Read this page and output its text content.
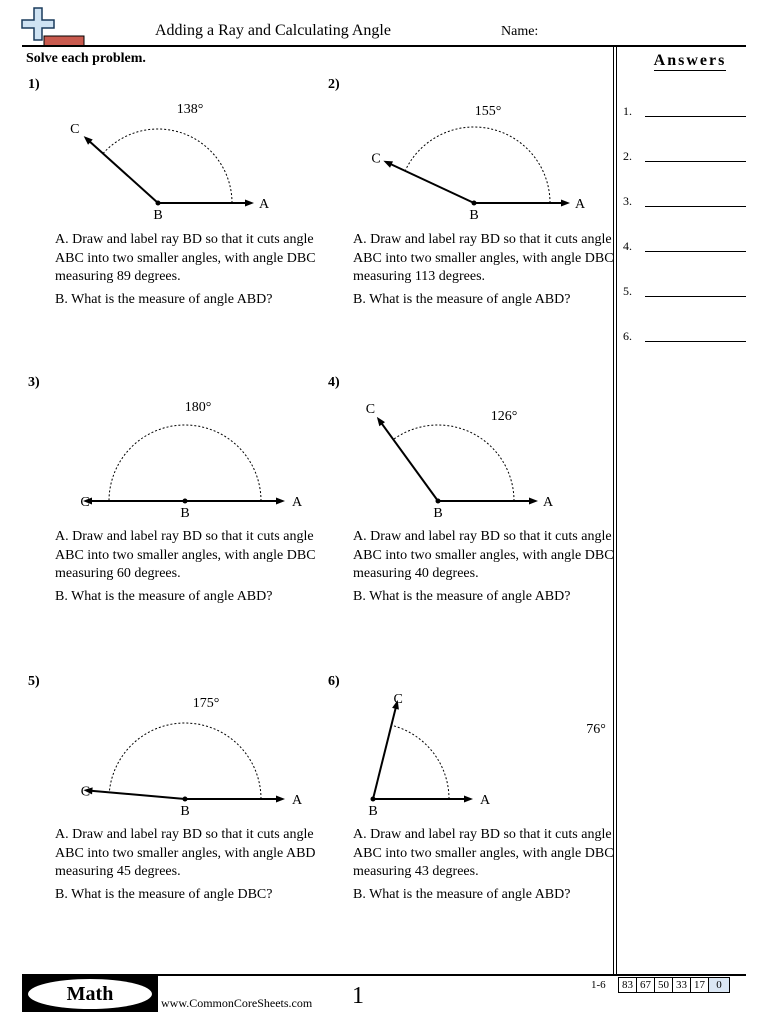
Adding a Ray and Calculating Angle	Name:
Solve each problem.	Answers
1.
2.
3.
4.
5.
6.
1)	2)
3)	4)
5)	6)
B
A
C
138°
B
A
C
155°
B
A
C
180°
B
A
C	126°
B
A
C
175°
B
A
C
76°

A. Draw and label ray BD so that it cuts angle ABC into two smaller angles, with angle DBC measuring 89 degrees.

B. What is the measure of angle ABD?

A. Draw and label ray BD so that it cuts angle ABC into two smaller angles, with angle DBC measuring 113 degrees.

B. What is the measure of angle ABD?

A. Draw and label ray BD so that it cuts angle ABC into two smaller angles, with angle DBC measuring 60 degrees.

B. What is the measure of angle ABD?

A. Draw and label ray BD so that it cuts angle ABC into two smaller angles, with angle DBC measuring 40 degrees.

B. What is the measure of angle ABD?

A. Draw and label ray BD so that it cuts angle ABC into two smaller angles, with angle ABD measuring 45 degrees.

B. What is the measure of angle DBC?

A. Draw and label ray BD so that it cuts angle ABC into two smaller angles, with angle DBC measuring 43 degrees.

B. What is the measure of angle ABD?

Math	www.CommonCoreSheets.com 1	1-6	83 67 50 33 17	0
